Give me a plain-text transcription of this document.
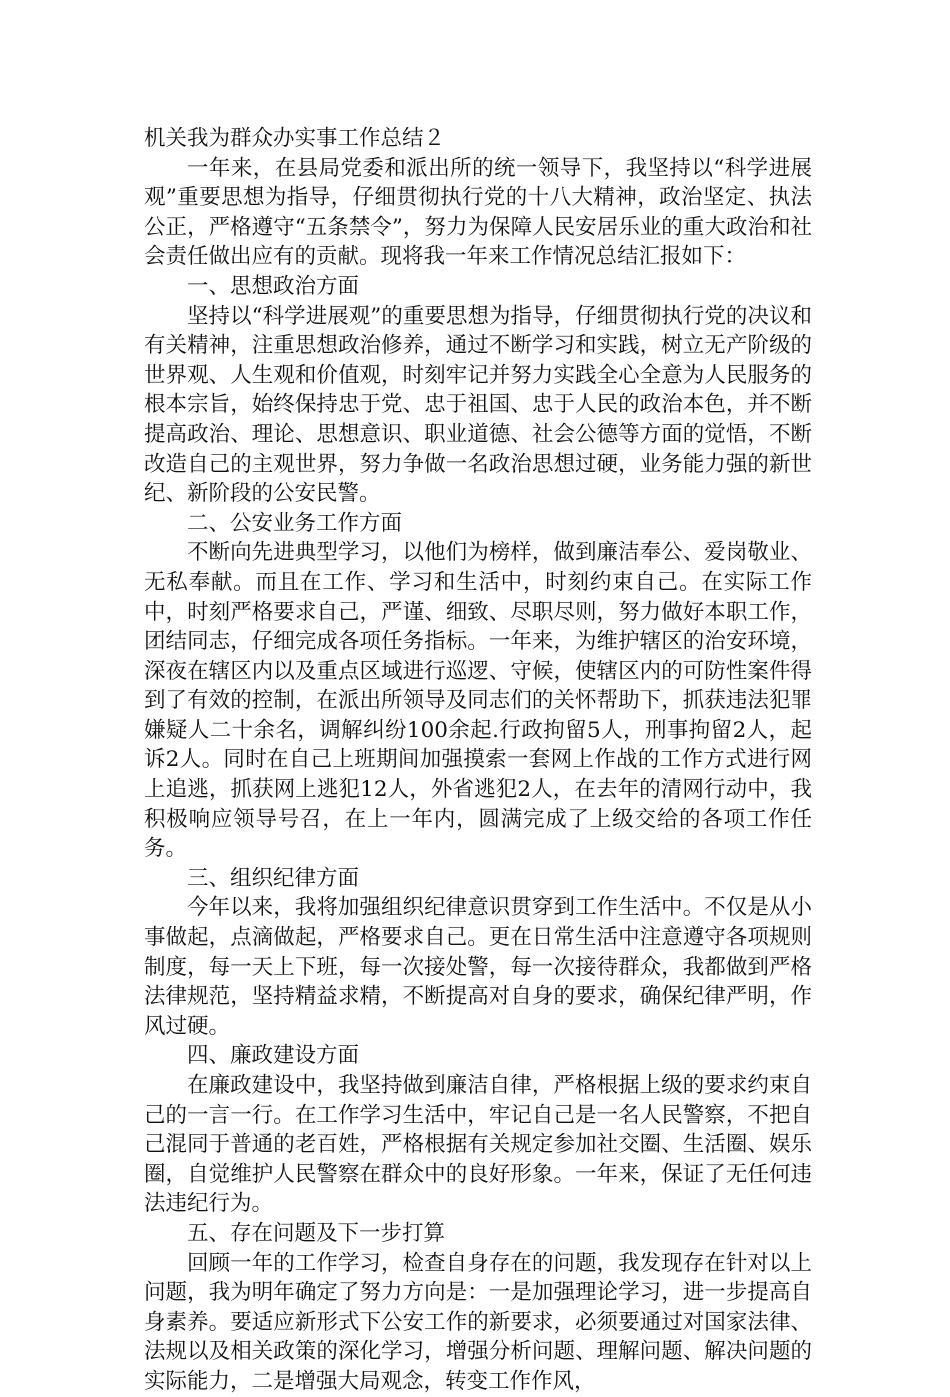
机关我为群众办实事工作总结２

一年来，在县局党委和派出所的统一领导下，我坚持以“科学进展观”重要思想为指导，仔细贯彻执行党的十八大精神，政治坚定、执法公正，严格遵守“五条禁令”，努力为保障人民安居乐业的重大政治和社会责任做出应有的贡献。现将我一年来工作情况总结汇报如下：

一、思想政治方面

坚持以“科学进展观”的重要思想为指导，仔细贯彻执行党的决议和有关精神，注重思想政治修养，通过不断学习和实践，树立无产阶级的世界观、人生观和价值观，时刻牢记并努力实践全心全意为人民服务的根本宗旨，始终保持忠于党、忠于祖国、忠于人民的政治本色，并不断提高政治、理论、思想意识、职业道德、社会公德等方面的觉悟，不断改造自己的主观世界，努力争做一名政治思想过硬，业务能力强的新世纪、新阶段的公安民警。

二、公安业务工作方面

不断向先进典型学习，以他们为榜样，做到廉洁奉公、爱岗敬业、无私奉献。而且在工作、学习和生活中，时刻约束自己。在实际工作中，时刻严格要求自己，严谨、细致、尽职尽则，努力做好本职工作，团结同志，仔细完成各项任务指标。一年来，为维护辖区的治安环境，深夜在辖区内以及重点区域进行巡逻、守候，使辖区内的可防性案件得到了有效的控制，在派出所领导及同志们的关怀帮助下，抓获违法犯罪嫌疑人二十余名，调解纠纷100余起.行政拘留5人，刑事拘留2人，起诉2人。同时在自己上班期间加强摸索一套网上作战的工作方式进行网上追逃，抓获网上逃犯12人，外省逃犯2人，在去年的清网行动中，我积极响应领导号召，在上一年内，圆满完成了上级交给的各项工作任务。

三、组织纪律方面

今年以来，我将加强组织纪律意识贯穿到工作生活中。不仅是从小事做起，点滴做起，严格要求自己。更在日常生活中注意遵守各项规则制度，每一天上下班，每一次接处警，每一次接待群众，我都做到严格法律规范，坚持精益求精，不断提高对自身的要求，确保纪律严明，作风过硬。

四、廉政建设方面

在廉政建设中，我坚持做到廉洁自律，严格根据上级的要求约束自己的一言一行。在工作学习生活中，牢记自己是一名人民警察，不把自己混同于普通的老百姓，严格根据有关规定参加社交圈、生活圈、娱乐圈，自觉维护人民警察在群众中的良好形象。一年来，保证了无任何违法违纪行为。

五、存在问题及下一步打算

回顾一年的工作学习，检查自身存在的问题，我发现存在针对以上问题，我为明年确定了努力方向是：一是加强理论学习，进一步提高自身素养。要适应新形式下公安工作的新要求，必须要通过对国家法律、法规以及相关政策的深化学习，增强分析问题、理解问题、解决问题的实际能力，二是增强大局观念，转变工作作风，
